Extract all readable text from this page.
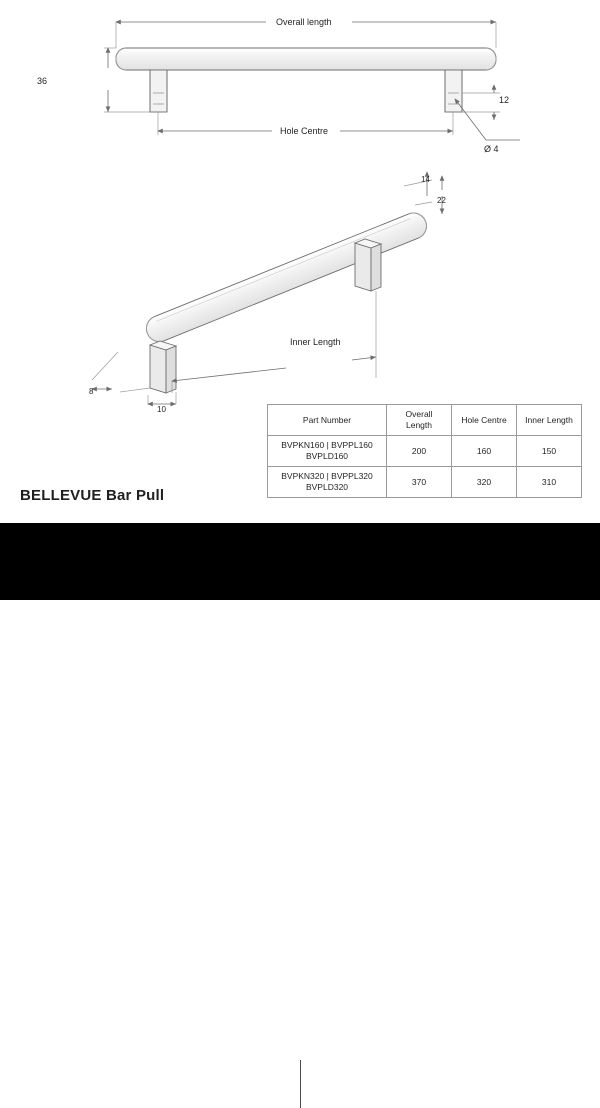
Overall length
Hole Centre
36
12
Ø 4
Inner Length
14
22
8
10
Part Number	Overall Length	Hole Centre	Inner Length

BVPKN160 | BVPPL160
BVPLD160	200	160	150

BVPKN320 | BVPPL320
BVPLD320	370	320	310
BELLEVUE Bar Pull
BUILDMAT	MOMO
HANDLES
